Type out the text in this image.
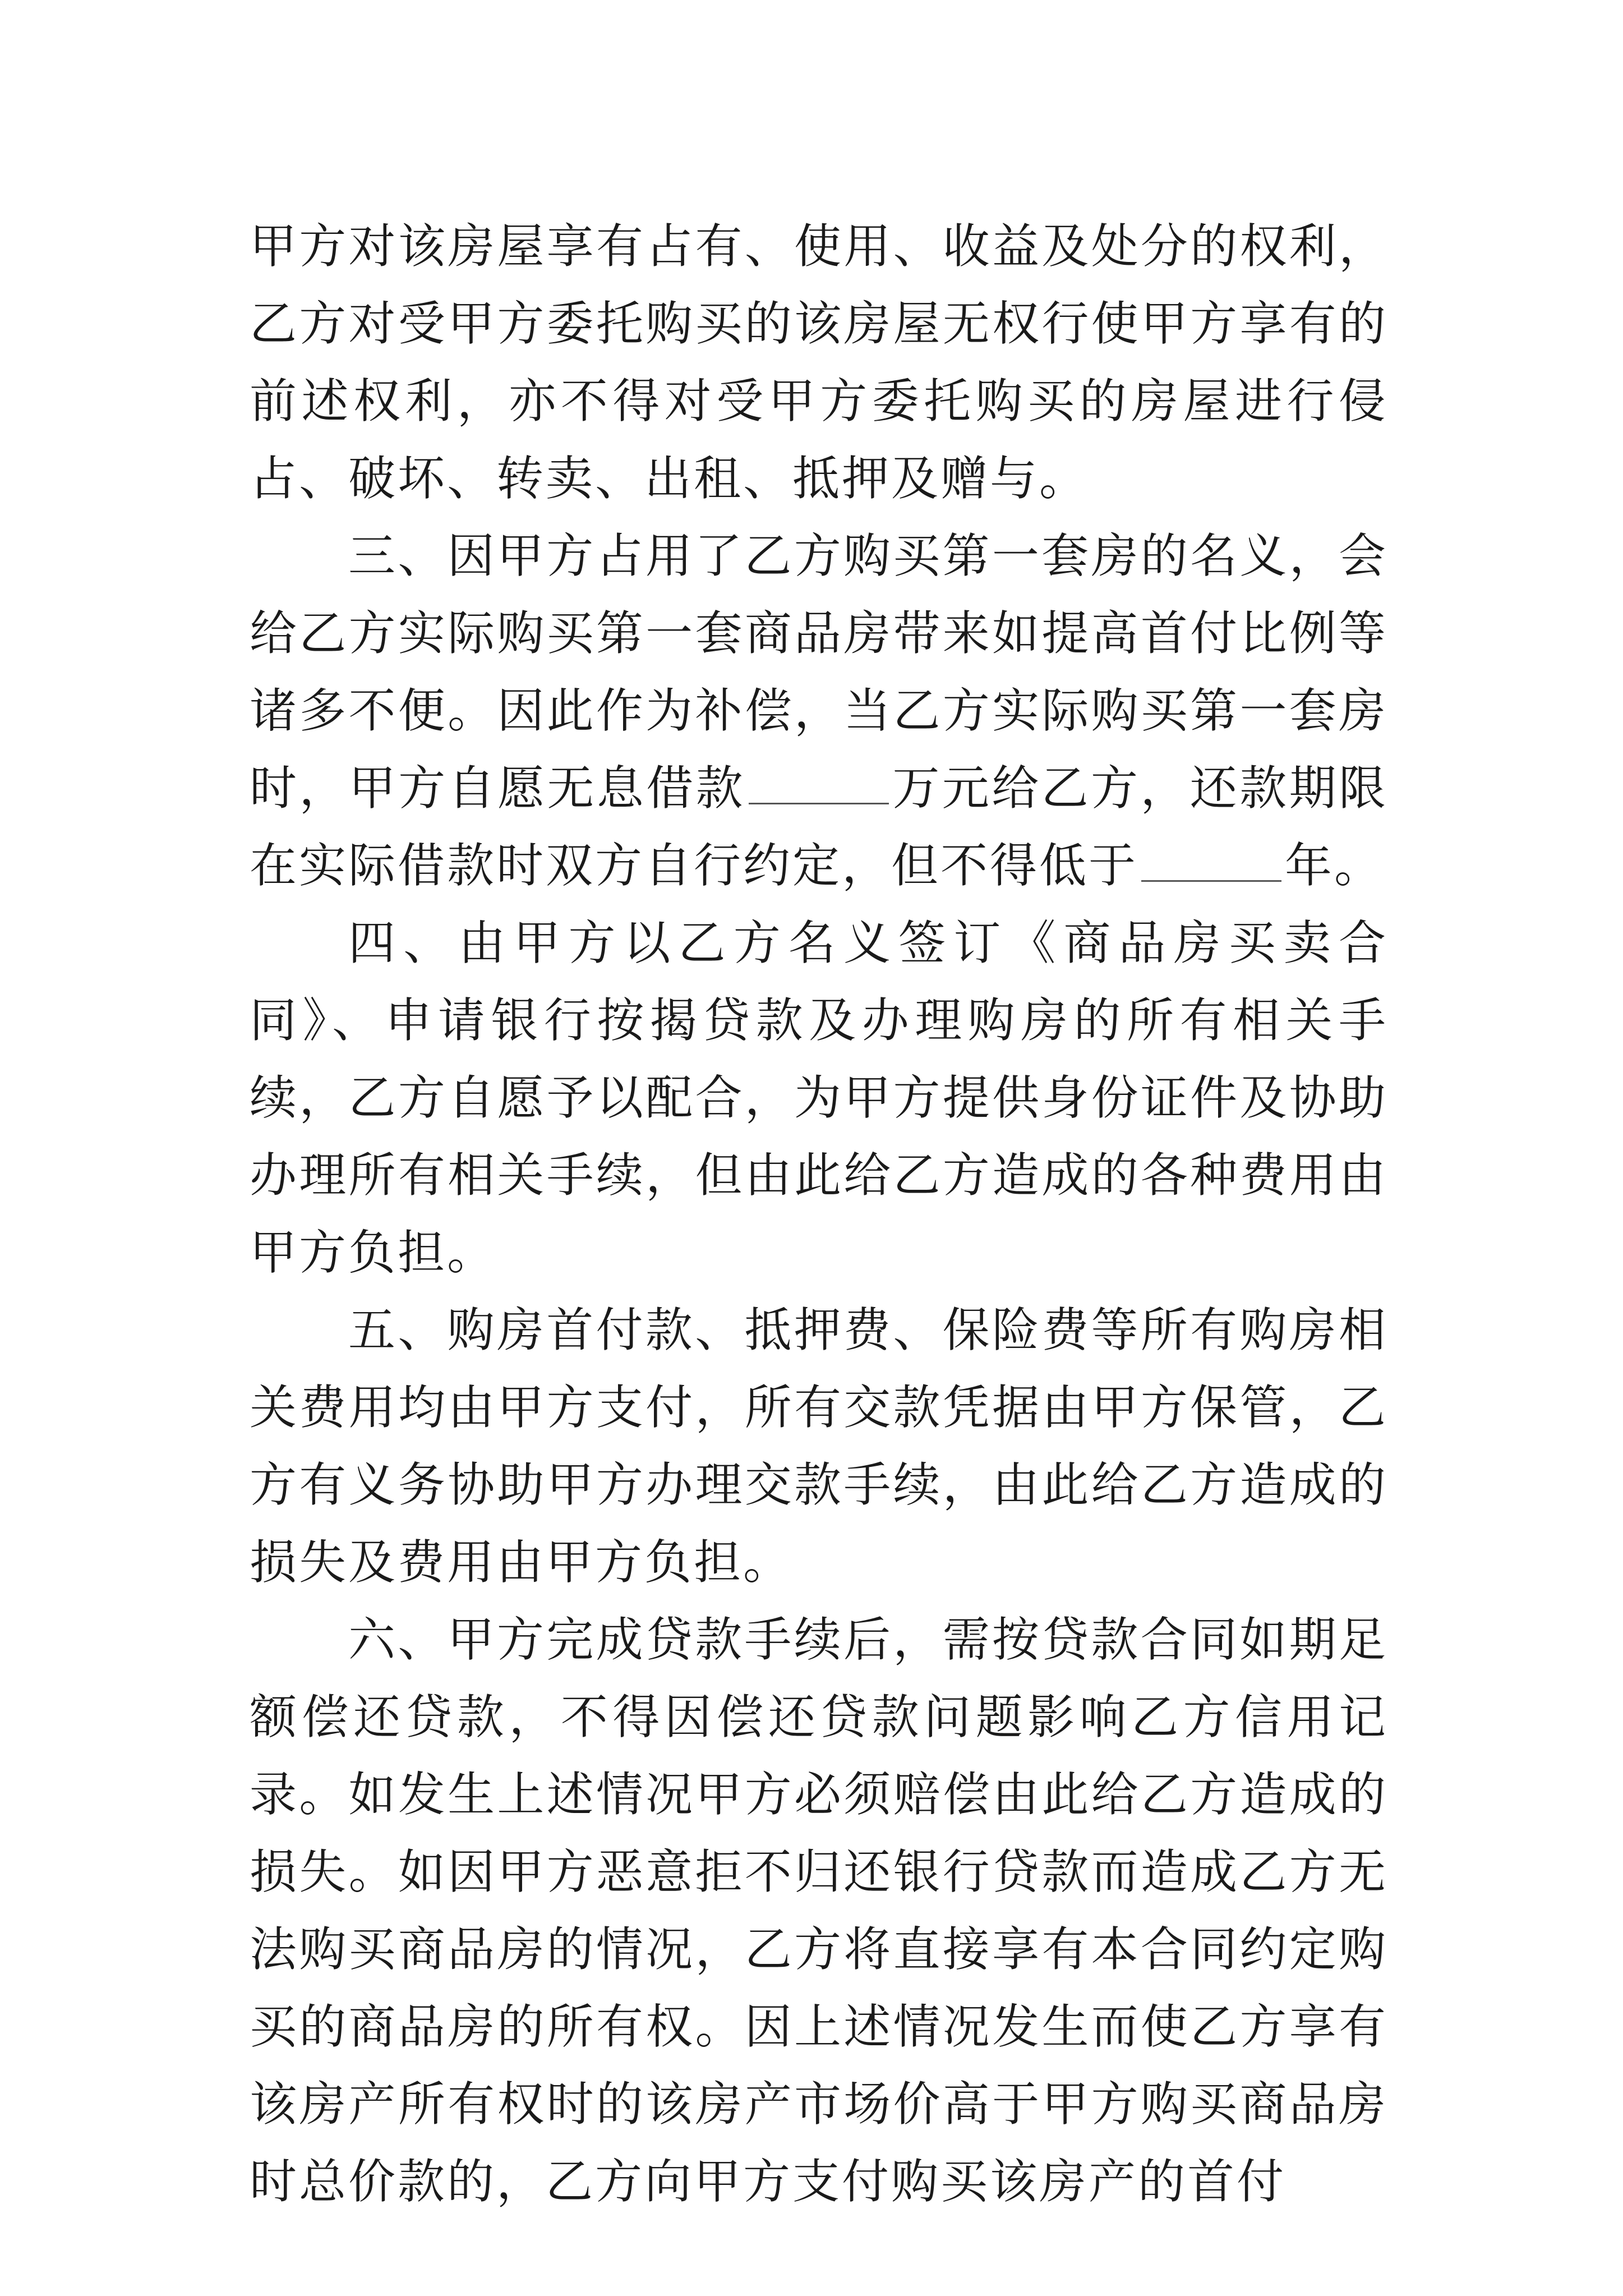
甲方对该房屋享有占有、使用、收益及处分的权利，乙方对受甲方委托购买的该房屋无权行使甲方享有的前述权利，亦不得对受甲方委托购买的房屋进行侵占、破坏、转卖、出租、抵押及赠与。

三、因甲方占用了乙方购买第一套房的名义，会给乙方实际购买第一套商品房带来如提高首付比例等诸多不便。因此作为补偿，当乙方实际购买第一套房时，甲方自愿无息借款	万元给乙方，还款期限在实际借款时双方自行约定，但不得低于	年。

四、由甲方以乙方名义签订《商品房买卖合同》、申请银行按揭贷款及办理购房的所有相关手续，乙方自愿予以配合，为甲方提供身份证件及协助办理所有相关手续，但由此给乙方造成的各种费用由甲方负担。

五、购房首付款、抵押费、保险费等所有购房相关费用均由甲方支付，所有交款凭据由甲方保管，乙方有义务协助甲方办理交款手续，由此给乙方造成的损失及费用由甲方负担。

六、甲方完成贷款手续后，需按贷款合同如期足额偿还贷款，不得因偿还贷款问题影响乙方信用记录。如发生上述情况甲方必须赔偿由此给乙方造成的损失。如因甲方恶意拒不归还银行贷款而造成乙方无法购买商品房的情况，乙方将直接享有本合同约定购买的商品房的所有权。因上述情况发生而使乙方享有该房产所有权时的该房产市场价高于甲方购买商品房时总价款的，乙方向甲方支付购买该房产的首付
